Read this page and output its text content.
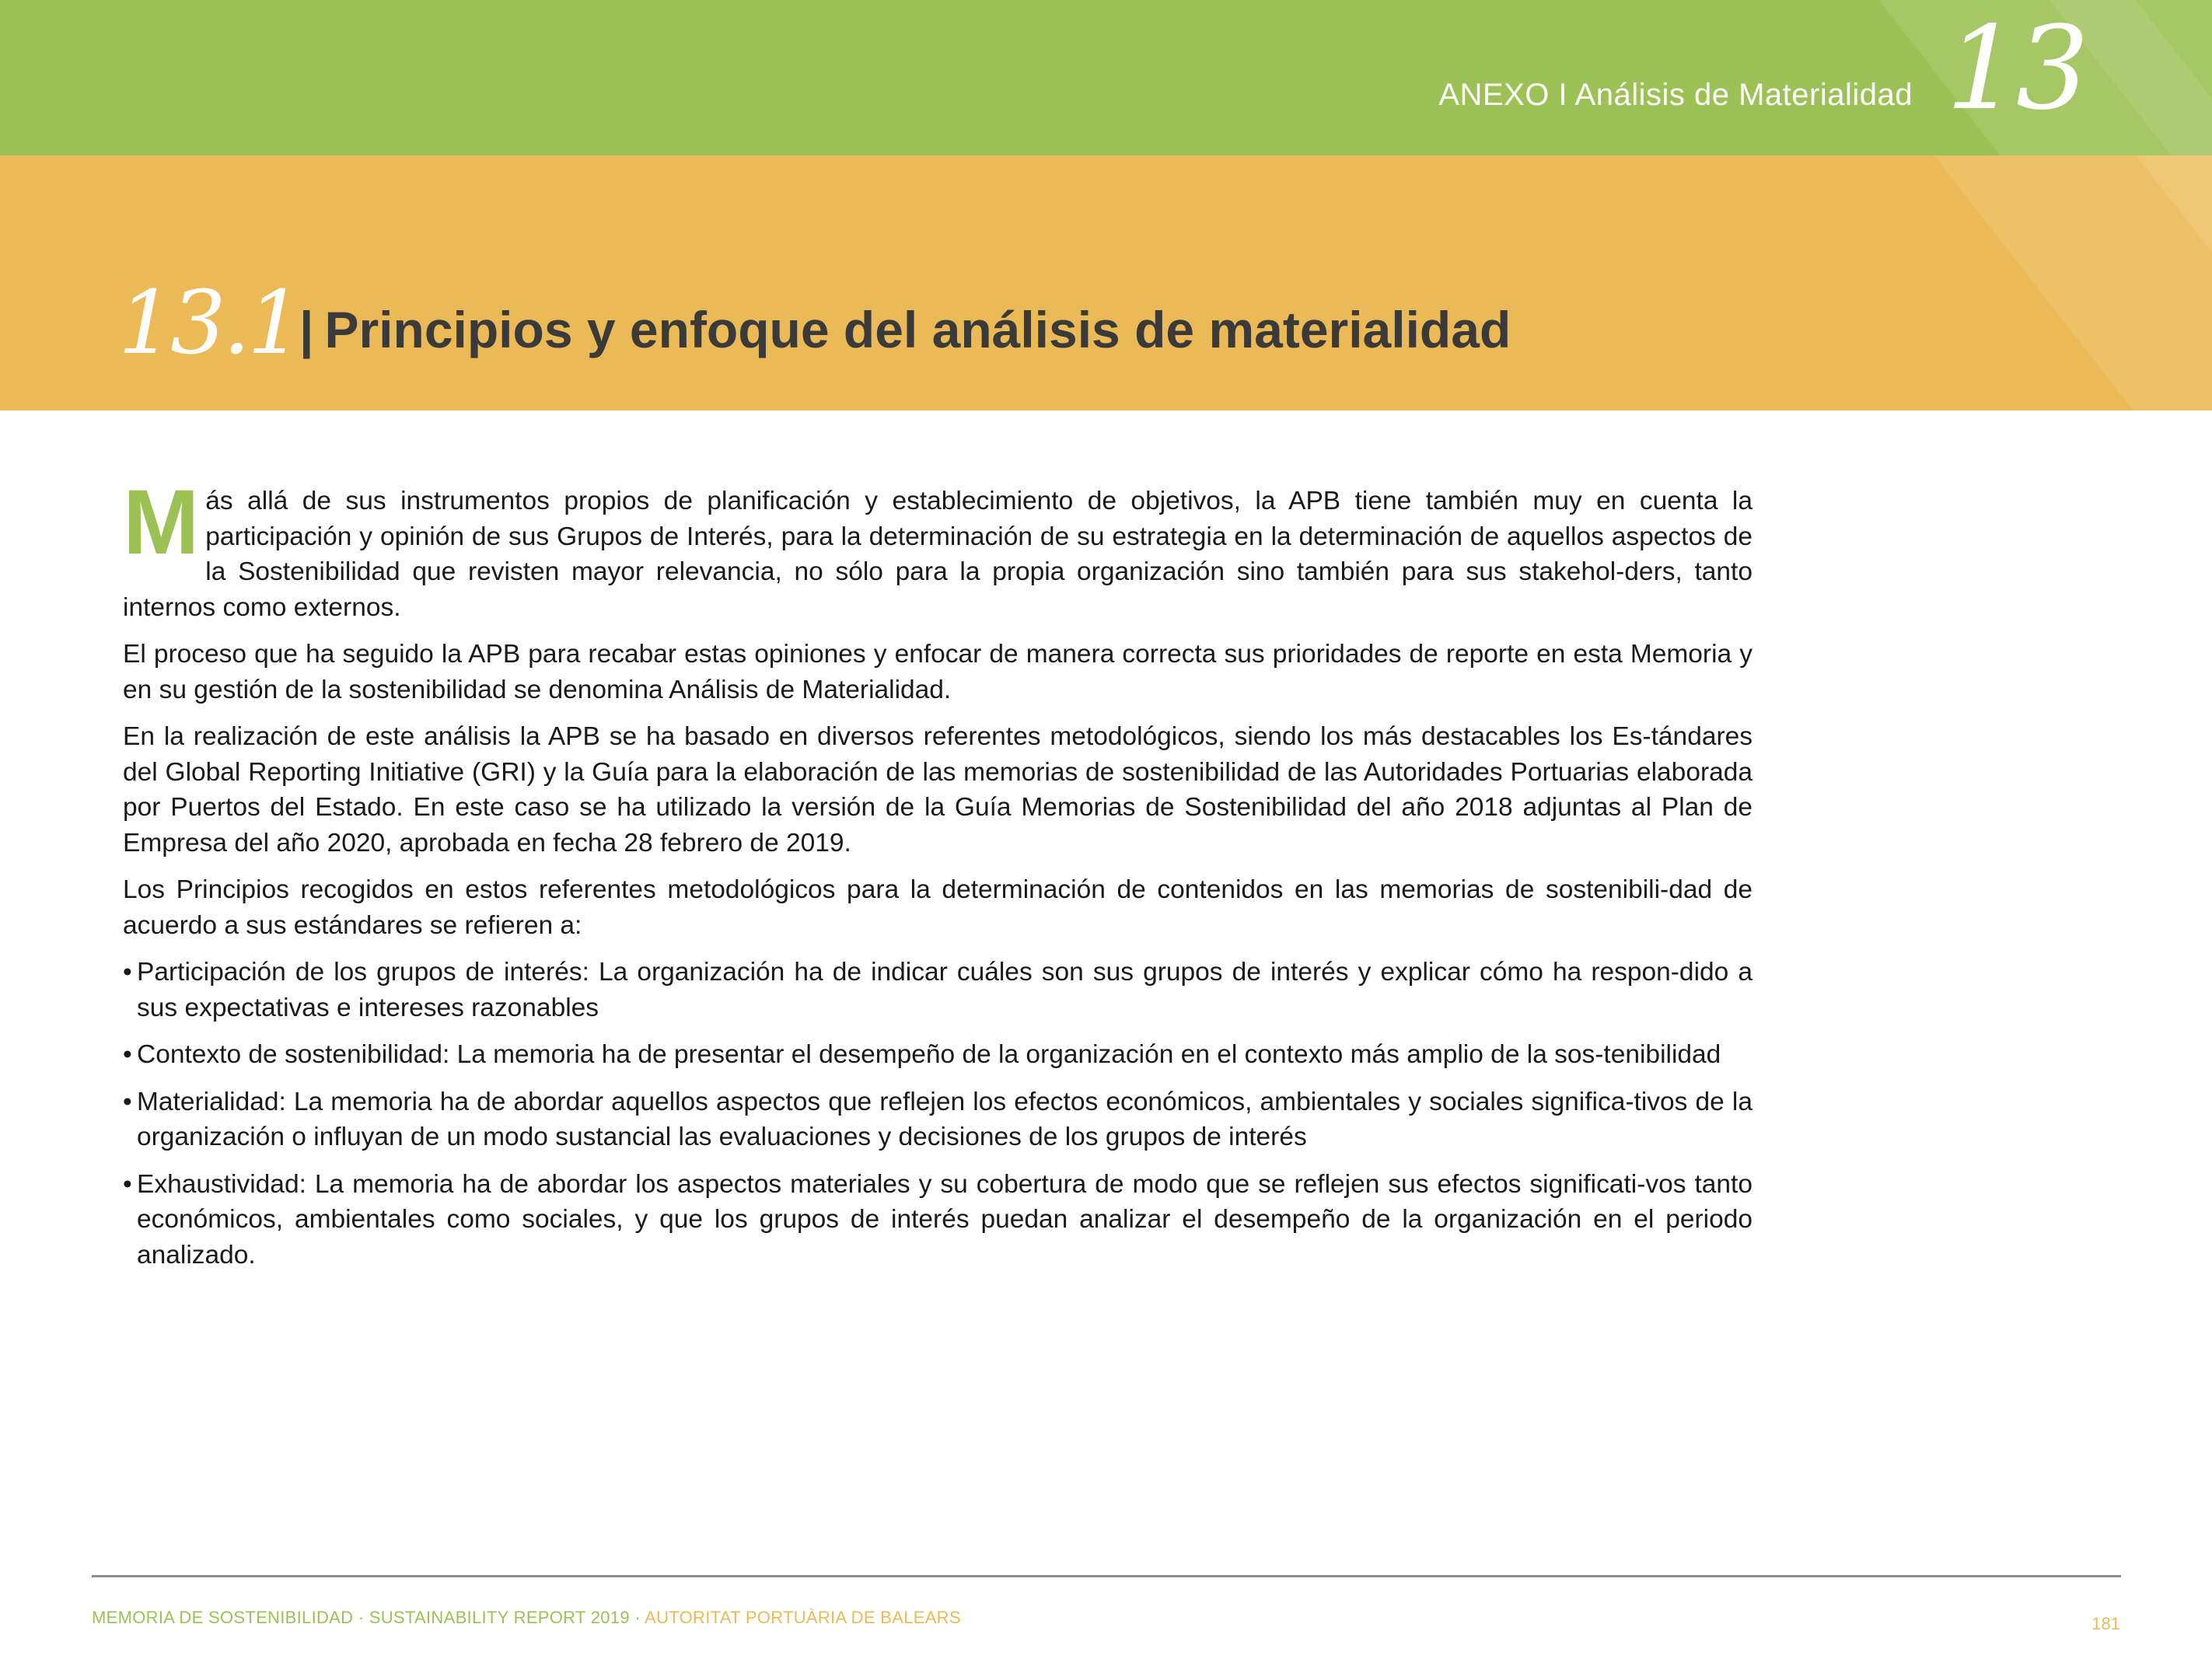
ANEXO I Análisis de Materialidad 13
13.1 | Principios y enfoque del análisis de materialidad

Más allá de sus instrumentos propios de planificación y establecimiento de objetivos, la APB tiene también muy en cuenta la participación y opinión de sus Grupos de Interés, para la determinación de su estrategia en la determinación de aquellos aspectos de la Sostenibilidad que revisten mayor relevancia, no sólo para la propia organización sino también para sus stakehol-ders, tanto internos como externos.

El proceso que ha seguido la APB para recabar estas opiniones y enfocar de manera correcta sus prioridades de reporte en esta Memoria y en su gestión de la sostenibilidad se denomina Análisis de Materialidad.

En la realización de este análisis la APB se ha basado en diversos referentes metodológicos, siendo los más destacables los Es-tándares del Global Reporting Initiative (GRI) y la Guía para la elaboración de las memorias de sostenibilidad de las Autoridades Portuarias elaborada por Puertos del Estado. En este caso se ha utilizado la versión de la Guía Memorias de Sostenibilidad del año 2018 adjuntas al Plan de Empresa del año 2020, aprobada en fecha 28 febrero de 2019.

Los Principios recogidos en estos referentes metodológicos para la determinación de contenidos en las memorias de sostenibili-dad de acuerdo a sus estándares se refieren a:

• Participación de los grupos de interés: La organización ha de indicar cuáles son sus grupos de interés y explicar cómo ha respon-dido a sus expectativas e intereses razonables
• Contexto de sostenibilidad: La memoria ha de presentar el desempeño de la organización en el contexto más amplio de la sos-tenibilidad
• Materialidad: La memoria ha de abordar aquellos aspectos que reflejen los efectos económicos, ambientales y sociales significa-tivos de la organización o influyan de un modo sustancial las evaluaciones y decisiones de los grupos de interés
• Exhaustividad: La memoria ha de abordar los aspectos materiales y su cobertura de modo que se reflejen sus efectos significati-vos tanto económicos, ambientales como sociales, y que los grupos de interés puedan analizar el desempeño de la organización en el periodo analizado.
MEMORIA DE SOSTENIBILIDAD · SUSTAINABILITY REPORT 2019 · AUTORITAT PORTUÀRIA DE BALEARS	181
